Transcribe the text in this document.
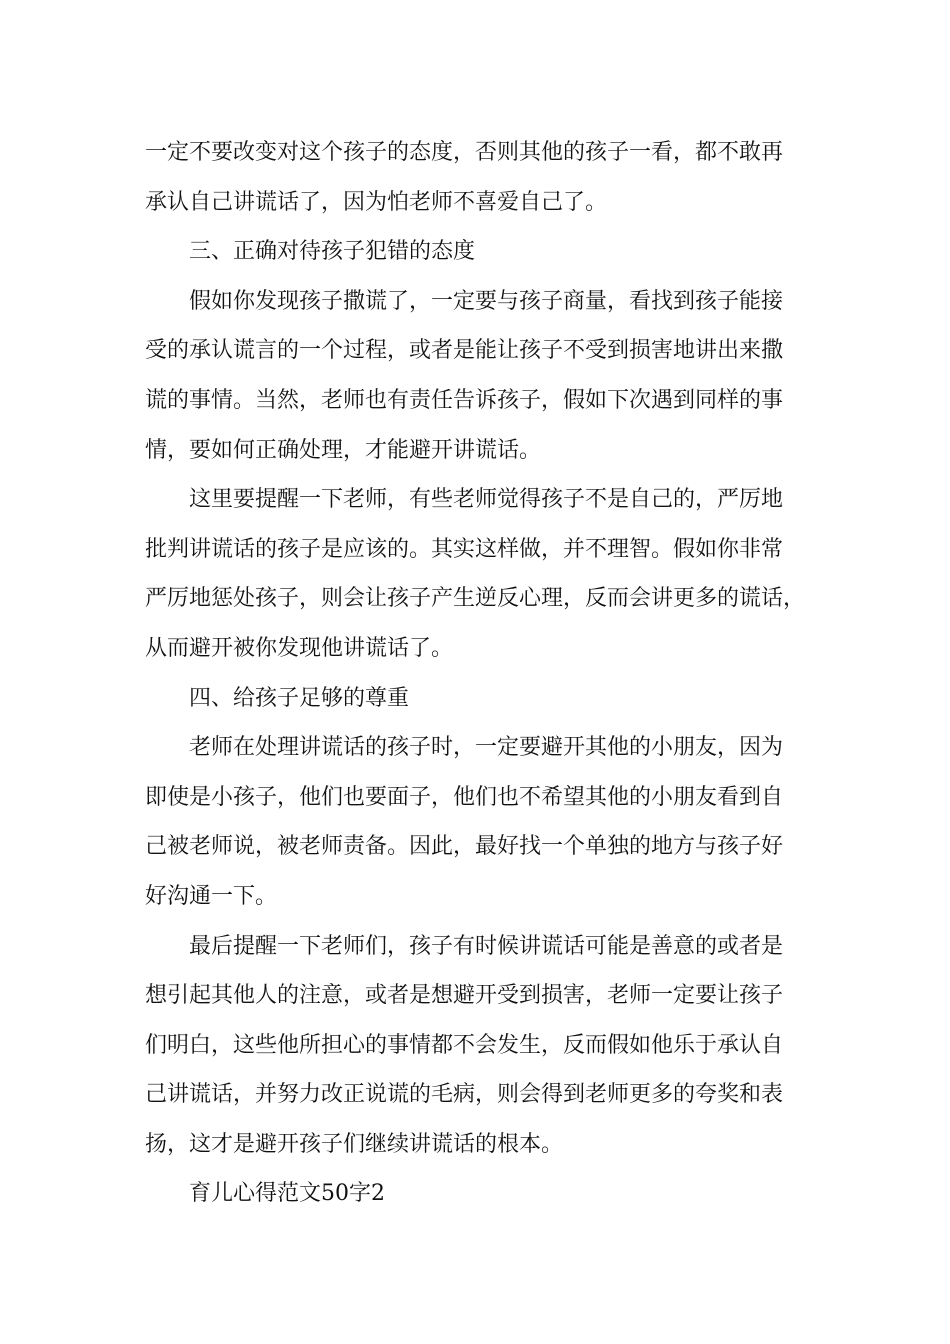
一定不要改变对这个孩子的态度，否则其他的孩子一看，都不敢再
承认自己讲谎话了，因为怕老师不喜爱自己了。
三、正确对待孩子犯错的态度
假如你发现孩子撒谎了，一定要与孩子商量，看找到孩子能接
受的承认谎言的一个过程，或者是能让孩子不受到损害地讲出来撒
谎的事情。当然，老师也有责任告诉孩子，假如下次遇到同样的事
情，要如何正确处理，才能避开讲谎话。
这里要提醒一下老师，有些老师觉得孩子不是自己的，严厉地
批判讲谎话的孩子是应该的。其实这样做，并不理智。假如你非常
严厉地惩处孩子，则会让孩子产生逆反心理，反而会讲更多的谎话，
从而避开被你发现他讲谎话了。
四、给孩子足够的尊重
老师在处理讲谎话的孩子时，一定要避开其他的小朋友，因为
即使是小孩子，他们也要面子，他们也不希望其他的小朋友看到自
己被老师说，被老师责备。因此，最好找一个单独的地方与孩子好
好沟通一下。
最后提醒一下老师们，孩子有时候讲谎话可能是善意的或者是
想引起其他人的注意，或者是想避开受到损害，老师一定要让孩子
们明白，这些他所担心的事情都不会发生，反而假如他乐于承认自
己讲谎话，并努力改正说谎的毛病，则会得到老师更多的夸奖和表
扬，这才是避开孩子们继续讲谎话的根本。
育儿心得范文50字2
